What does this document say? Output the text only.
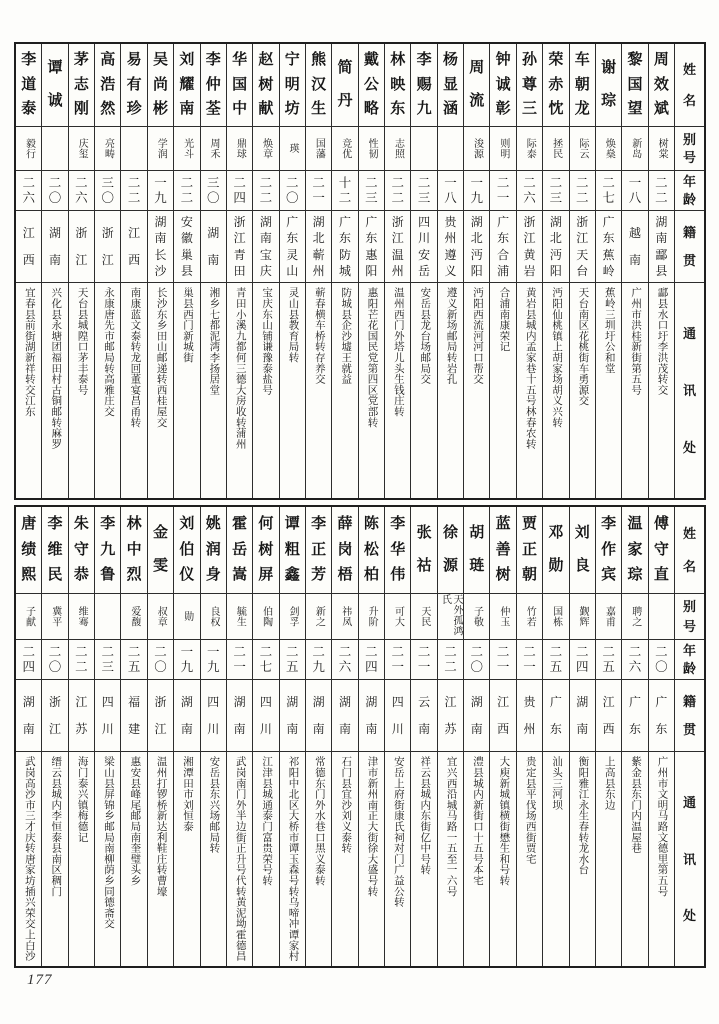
姓
名
别
号
年
龄
籍
贯
通
讯
处
周
效
斌
树棠
二
二
湖
南
酃
县
酃县水口圩李洪茂转交
黎
国
望
新岛
一
八
越
南
广州市洪桂新街第五号
谢
琮
焕燊
二
七
广
东
蕉
岭
蕉岭三圳圩公和堂
车
朝
龙
际云
二
二
浙
江
天
台
天台南区花桃街车勇源交
荣
赤
忱
拯民
二
三
湖
北
沔
阳
沔阳仙桃镇上胡家场胡义兴转
孙
尊
三
际泰
二
六
浙
江
黄
岩
黄岩县城内孟家巷十五号林春农转
钟
诚
彰
则明
二
一
广
东
合
浦
合浦南康荣记
周
流
浚源
一
九
湖
北
沔
阳
沔阳西流河河口帮交
杨
显
涵
一
八
贵
州
遵
义
遵义新场邮局转岩孔
李
赐
九
二
三
四
川
安
岳
安岳县龙台场邮局交
林
映
东
志照
二
二
浙
江
温
州
温州西门外塔儿头生钱庄转
戴
公
略
性韧
二
三
广
东
惠
阳
惠阳芒花国民党第四区党部转
简
丹
竞优
十
二
广
东
防
城
防城县企沙墟王就益
熊
汉
生
国藩
二
一
湖
北
蕲
州
蕲春横车桥转存养交
宁
明
坊
瑛
二
〇
广
东
灵
山
灵山县教育局转
赵
树
献
焕章
二
二
湖
南
宝
庆
宝庆东山铺谦豫泰盐号
华
国
中
鼎球
二
四
浙
江
青
田
青田小溪九都何三德大房收转蒲州
李
仲
荃
周禾
三
〇
湖
南
湘乡七都泥湾李扬居堂
刘
耀
南
光斗
二
二
安
徽
巢
县
巢县西门新城街
吴
尚
彬
学润
一
九
湖
南
长
沙
长沙东乡田山邮递转西桂屋交
易
有
珍
二
二
江
西
南康蓝文泰转龙回董宴昌甬转
高
浩
然
亮畴
三
〇
浙
江
永康唐先市邮局转高雅庄交
茅
志
刚
庆玺
二
六
浙
江
天台县城隍口茅丰泰号
谭
诚
二
〇
湖
南
兴化县永塘团福田村古铜邮转麻罗
李
道
泰
毅行
二
六
江
西
宜春县前街湖新祥转交江东
姓
名
别
号
年
龄
籍
贯
通
讯
处
傅
守
直
二
〇
广
东
广州市文明马路文德里第五号
温
家
琮
聘之
二
六
广
东
紫金县东门内温屋巷
李
作
宾
嘉甫
二
五
江
西
上高县东边
刘
良
觐辉
二
四
湖
南
衡阳雅江永生春转龙水台
邓
勋
国栋
二
五
广
东
汕头三河坝
贾
正
朝
竹若
二
一
贵
州
贵定县平伐场西街贾宅
蓝
善
树
仲玉
二
一
江
西
大庾新城镇横街懋生和号转
胡
琏
子敬
二
〇
湖
南
澧县城内新街口十五号本宅
徐
源
天外孤鸿氏
二
二
江
苏
宜兴西沿城马路一五至一六号
张
祜
天民
二
一
云
南
祥云县城内东街亿中号转
李
华
伟
可大
二
一
四
川
安岳上府街康氏祠对门广益公转
陈
松
柏
升阶
二
四
湖
南
津市新州南正大街徐大盛号转
薛
岗
梧
祎凤
二
六
湖
南
石门县宜沙刘义泰转
李
正
芳
新之
二
九
湖
南
常德东门外水巷口黑义泰转
谭
粗
鑫
剑孚
二
五
湖
南
祁阳中北区大桥市谭玉森号转乌啼冲谭家村
何
树
屏
伯陶
二
七
四
川
江津县城通泰门富贵荣号转
霍
岳
嵩
毓生
二
一
湖
南
武岗南门外半边街正升号代转黄泥坳霍德昌
姚
润
身
良权
一
九
四
川
安岳县东兴场邮局转
刘
伯
仪
勋
一
九
湖
南
湘潭田市刘恒泰
金
雯
叔章
二
〇
浙
江
温州打锣桥新达利鞋庄转曹壕
林
中
烈
爱馥
二
五
福
建
惠安县峰尾邮局南奎璧头乡
李
九
鲁
二
三
四
川
梁山县屏锦乡邮局南柳荫乡同德斋交
朱
守
恭
维骞
二
二
江
苏
海门泰兴镇梅德记
李
维
民
冀平
二
〇
浙
江
缙云县城内李恒泰县南区稠门
唐
绩
熙
子献
二
四
湖
南
武岗高沙市三才庆转唐家坊插兴荣交上白沙
177
